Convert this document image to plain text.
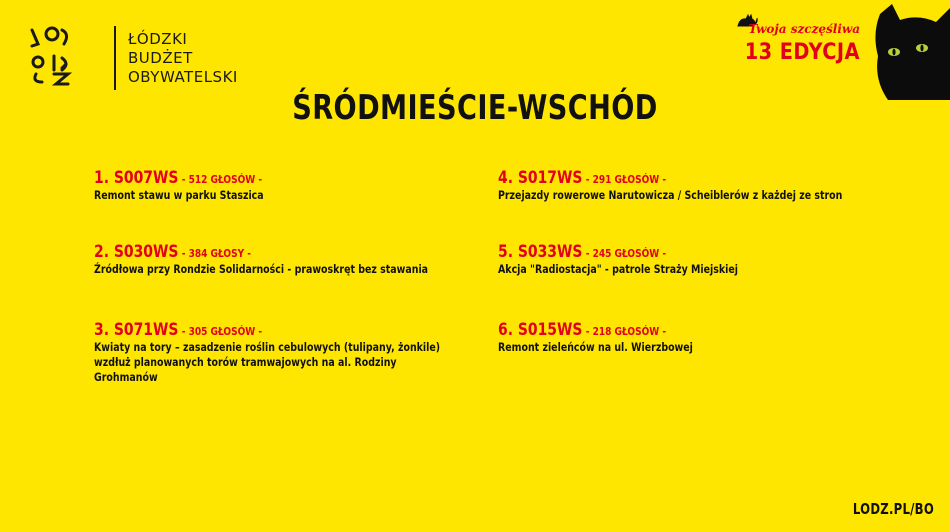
ŁÓDZKI
BUDŻET
OBYWATELSKI
Twoja szczęśliwa
13 EDYCJA
ŚRÓDMIEŚCIE-WSCHÓD
1. S007WS - 512 GŁOSÓW -
Remont stawu w parku Staszica
2. S030WS - 384 GŁOSY -
Źródłowa przy Rondzie Solidarności - prawoskręt bez stawania
3. S071WS - 305 GŁOSÓW -
Kwiaty na tory – zasadzenie roślin cebulowych (tulipany, żonkile) wzdłuż planowanych torów tramwajowych na al. Rodziny Grohmanów
4. S017WS - 291 GŁOSÓW -
Przejazdy rowerowe Narutowicza / Scheiblerów z każdej ze stron
5. S033WS - 245 GŁOSÓW -
Akcja "Radiostacja" - patrole Straży Miejskiej
6. S015WS - 218 GŁOSÓW -
Remont zieleńców na ul. Wierzbowej
LODZ.PL/BO
